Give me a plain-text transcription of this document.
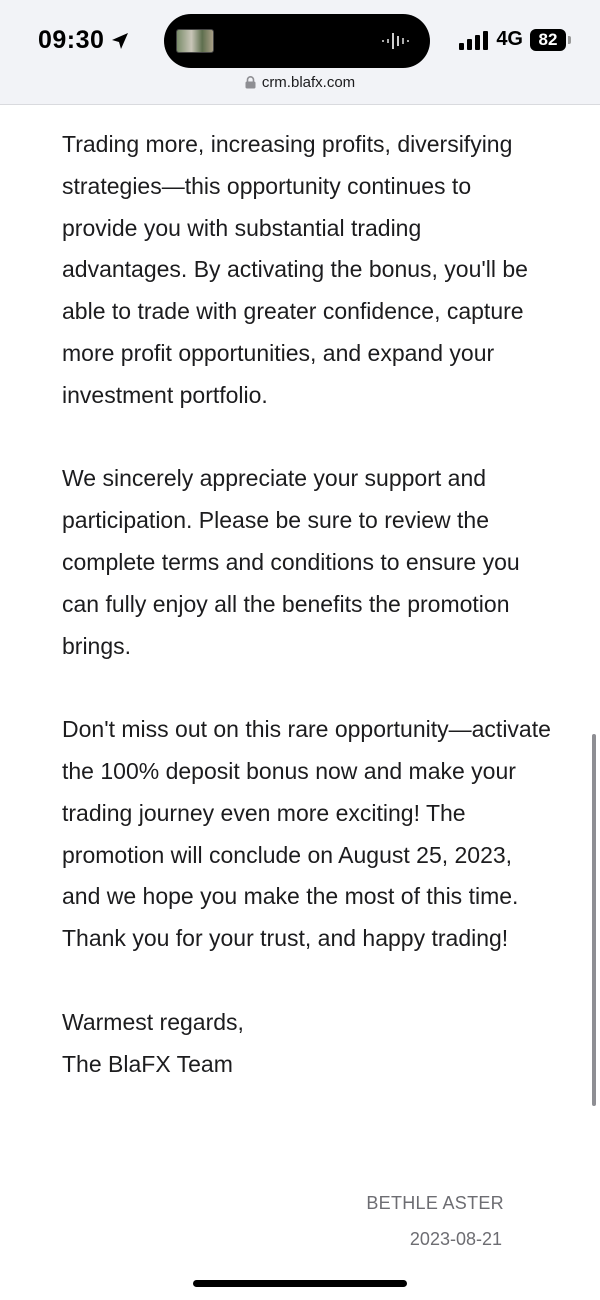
09:30	4G 82
crm.blafx.com

Trading more, increasing profits, diversifying strategies—this opportunity continues to provide you with substantial trading advantages. By activating the bonus, you'll be able to trade with greater confidence, capture more profit opportunities, and expand your investment portfolio.

We sincerely appreciate your support and participation. Please be sure to review the complete terms and conditions to ensure you can fully enjoy all the benefits the promotion brings.

Don't miss out on this rare opportunity—activate the 100% deposit bonus now and make your trading journey even more exciting! The promotion will conclude on August 25, 2023, and we hope you make the most of this time. Thank you for your trust, and happy trading!

Warmest regards,

The BlaFX Team

BETHLE ASTER
2023-08-21
